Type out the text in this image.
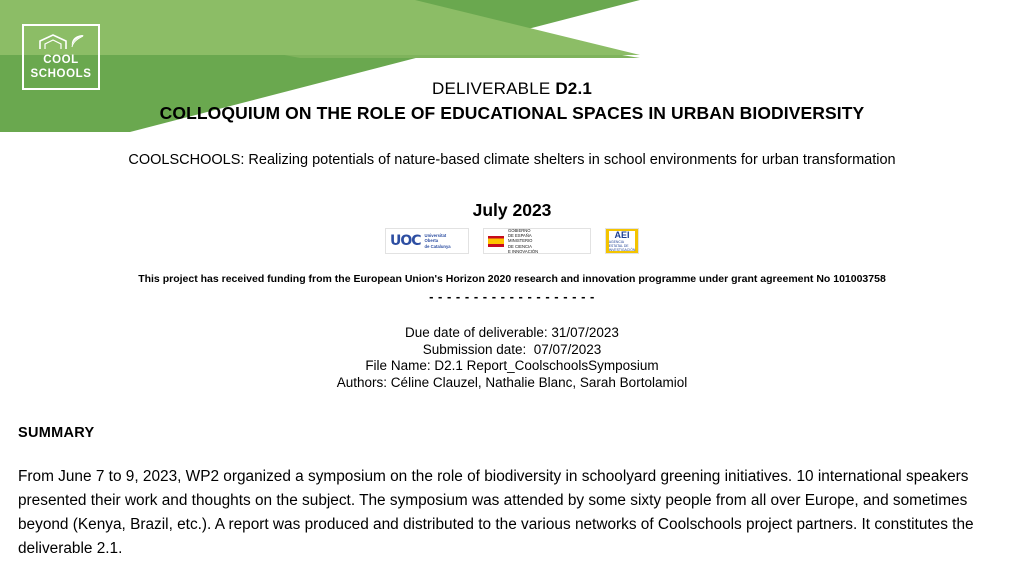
COOL
SCHOOLS
DELIVERABLE D2.1
COLLOQUIUM ON THE ROLE OF EDUCATIONAL SPACES IN URBAN BIODIVERSITY
COOLSCHOOLS: Realizing potentials of nature-based climate shelters in school environments for urban transformation
July 2023
UOC Universitat
Oberta
de Catalunya
GOBIERNO
DE ESPAÑA
MINISTERIO
DE CIENCIA
E INNOVACIÓN
AEI
AGENCIA ESTATAL DE INVESTIGACIÓN
This project has received funding from the European Union's Horizon 2020 research and innovation programme under grant agreement No 101003758
- - - - - - - - - - - - - - - - - - -
Due date of deliverable: 31/07/2023
Submission date:  07/07/2023
File Name: D2.1 Report_CoolschoolsSymposium
Authors: Céline Clauzel, Nathalie Blanc, Sarah Bortolamiol
SUMMARY
From June 7 to 9, 2023, WP2 organized a symposium on the role of biodiversity in schoolyard greening initiatives. 10 international speakers presented their work and thoughts on the subject. The symposium was attended by some sixty people from all over Europe, and sometimes beyond (Kenya, Brazil, etc.). A report was produced and distributed to the various networks of Coolschools project partners. It constitutes the deliverable 2.1.
